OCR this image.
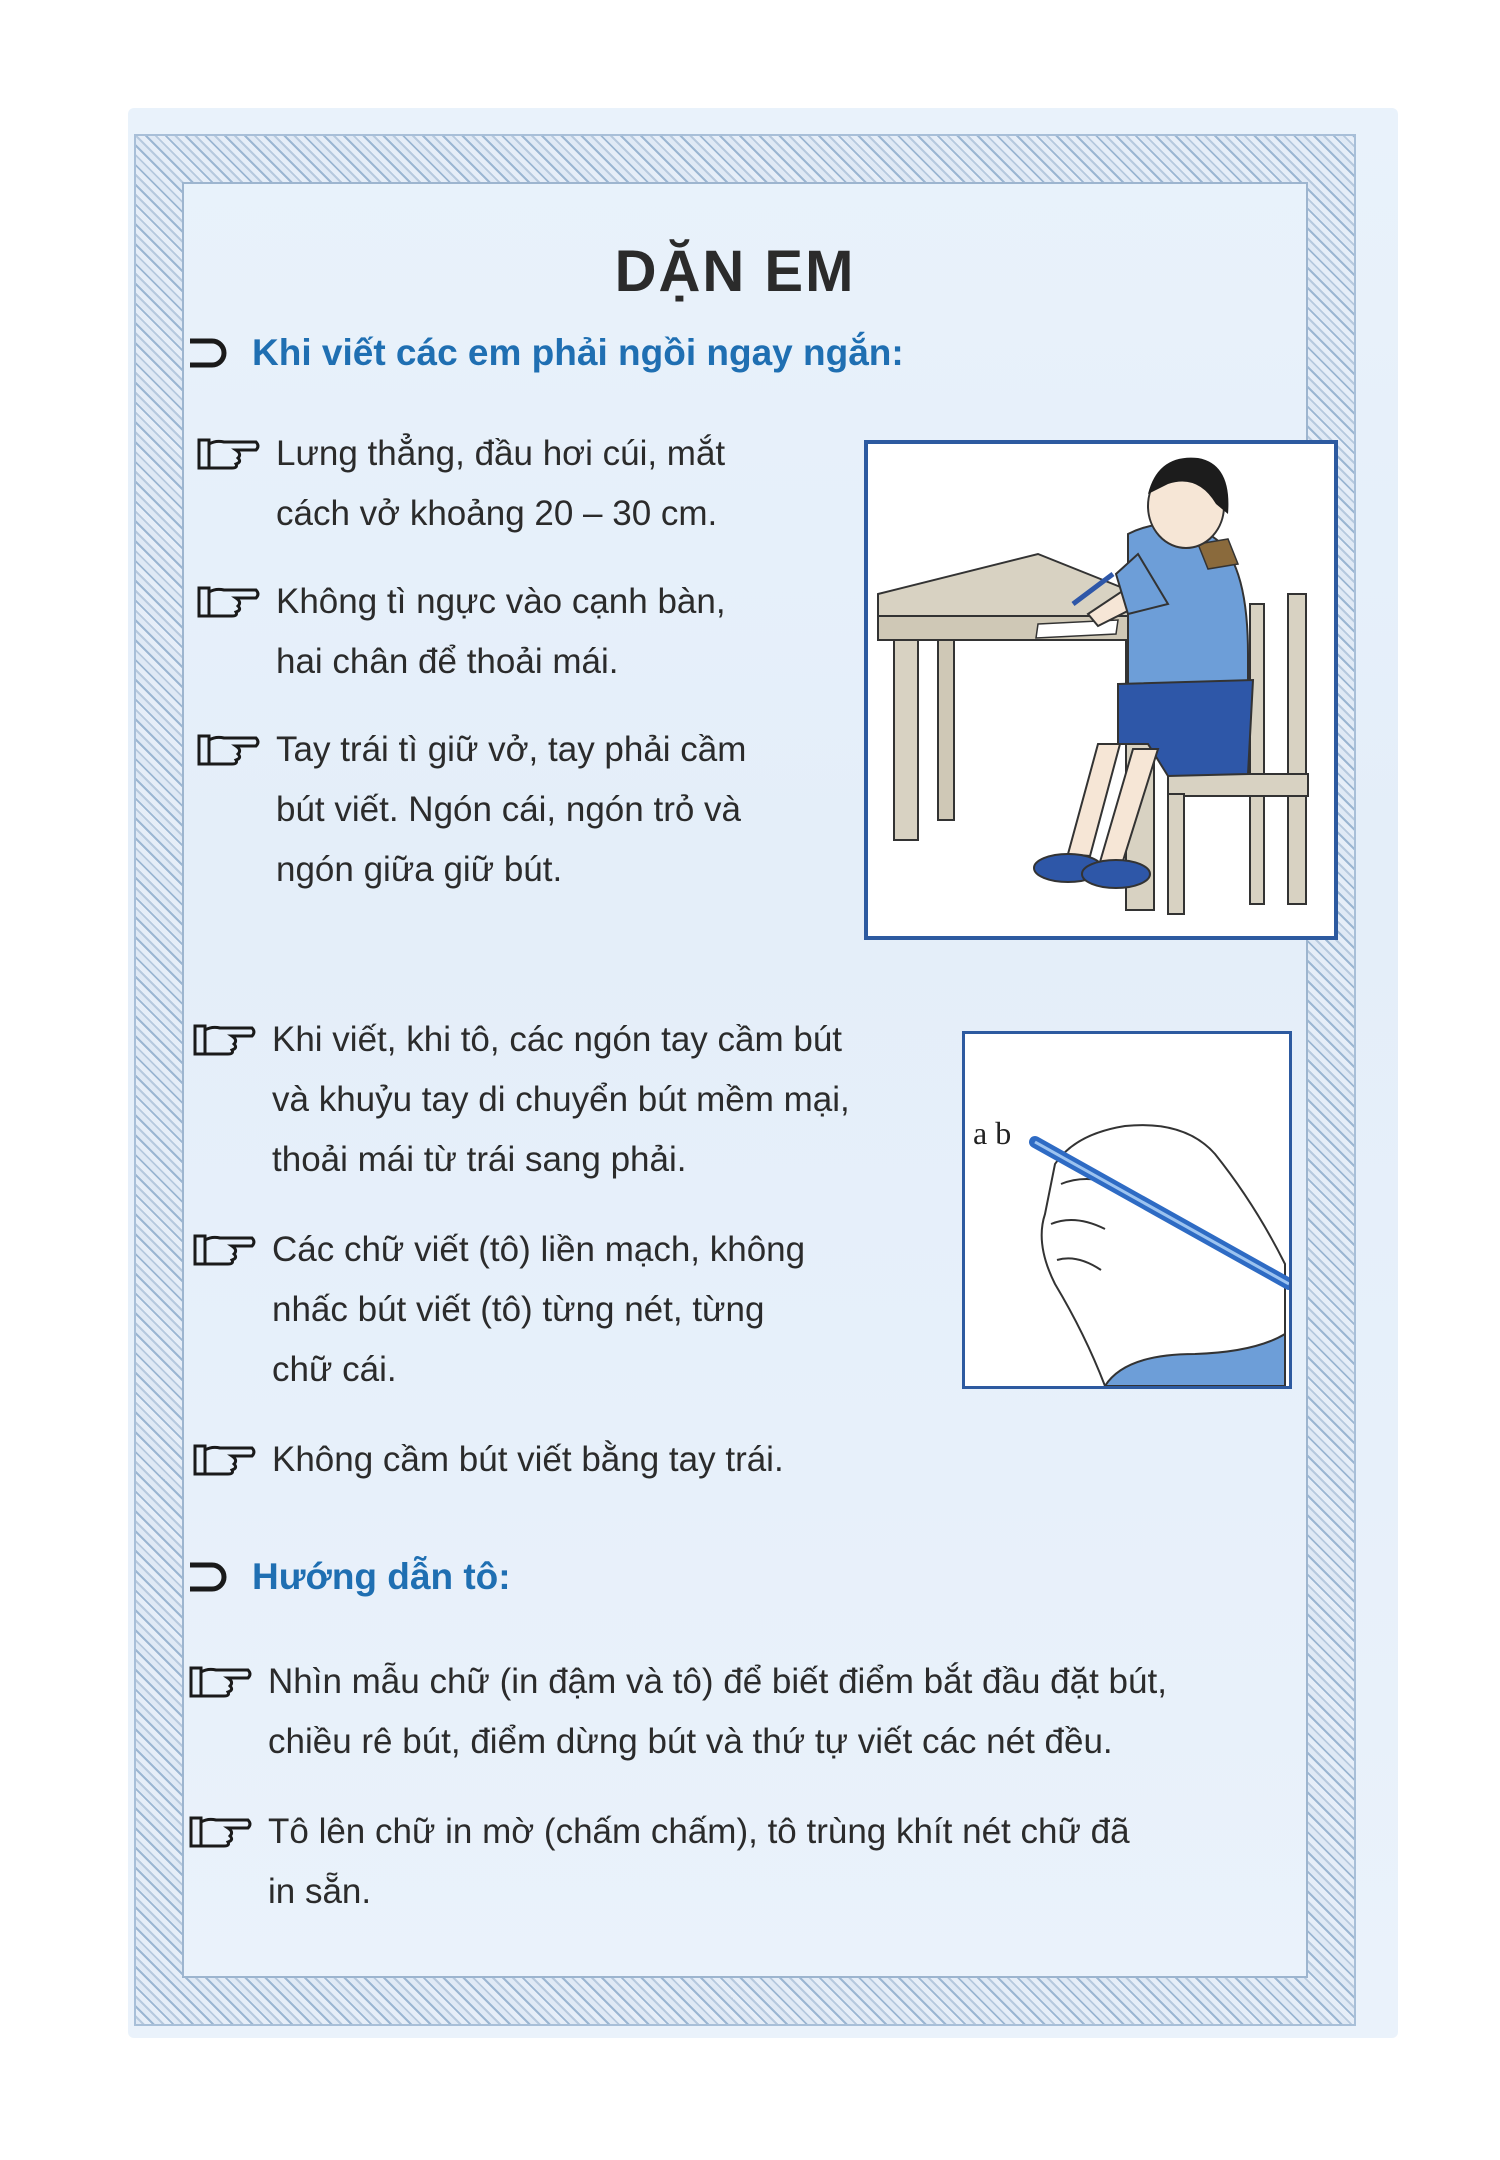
DẶN EM
Khi viết các em phải ngồi ngay ngắn:
Lưng thẳng, đầu hơi cúi, mắt
cách vở khoảng 20 – 30 cm.
Không tì ngực vào cạnh bàn,
hai chân để thoải mái.
Tay trái tì giữ vở, tay phải cầm
bút viết. Ngón cái, ngón trỏ và
ngón giữa giữ bút.
Khi viết, khi tô, các ngón tay cầm bút
và khuỷu tay di chuyển bút mềm mại,
thoải mái từ trái sang phải.
Các chữ viết (tô) liền mạch, không
nhấc bút viết (tô) từng nét, từng
chữ cái.
Không cầm bút viết bằng tay trái.
Hướng dẫn tô:
Nhìn mẫu chữ (in đậm và tô) để biết điểm bắt đầu đặt bút,
chiều rê bút, điểm dừng bút và thứ tự viết các nét đều.
Tô lên chữ in mờ (chấm chấm), tô trùng khít nét chữ đã
in sẵn.
a b
